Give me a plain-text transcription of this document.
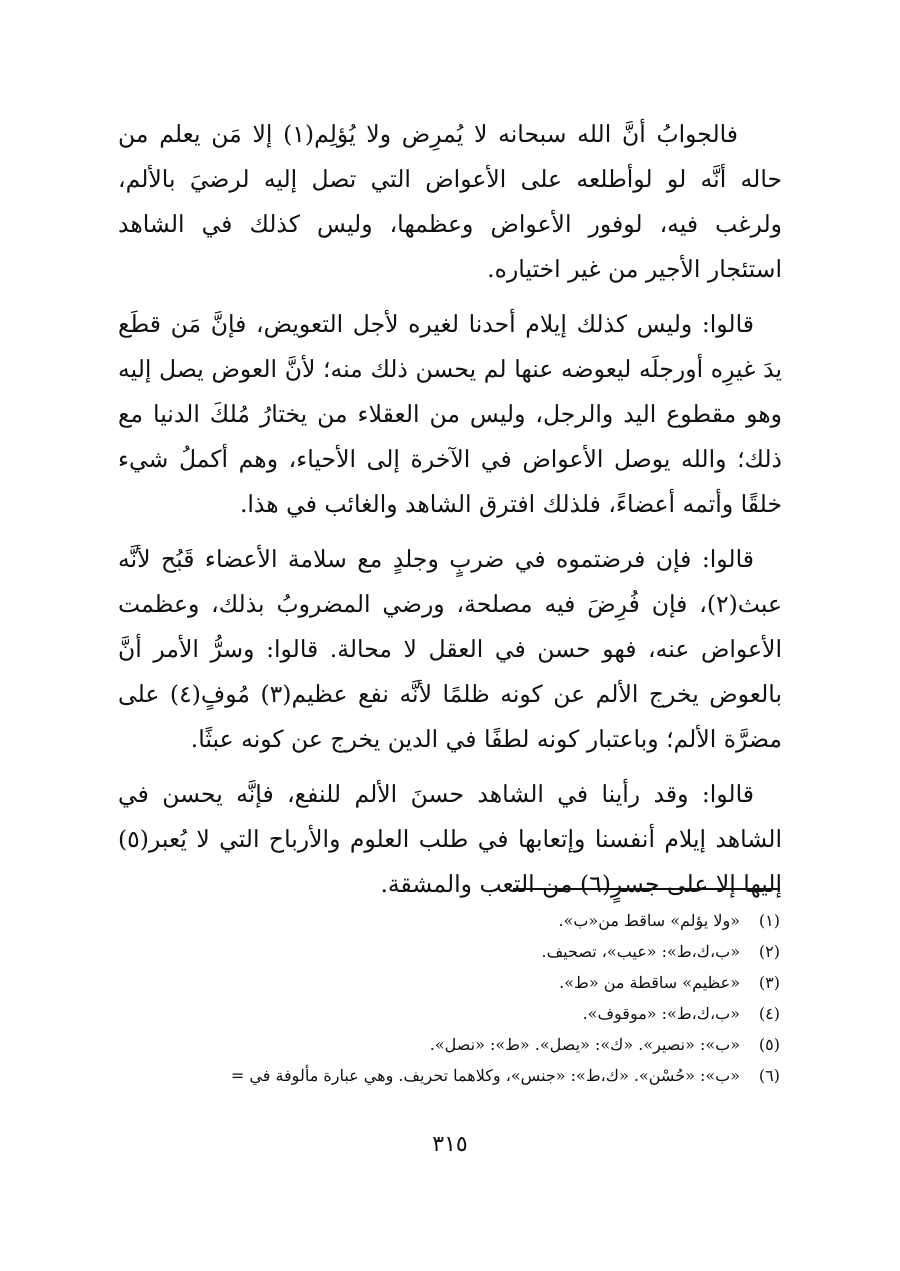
فالجوابُ أنَّ الله سبحانه لا يُمرِض ولا يُؤلِم(١) إلا مَن يعلم من حاله أنَّه لو لوأطلعه على الأعواض التي تصل إليه لرضيَ بالألم، ولرغب فيه، لوفور الأعواض وعظمها، وليس كذلك في الشاهد استئجار الأجير من غير اختياره.

قالوا: وليس كذلك إيلام أحدنا لغيره لأجل التعويض، فإنَّ مَن قطَع يدَ غيرِه أورجلَه ليعوضه عنها لم يحسن ذلك منه؛ لأنَّ العوض يصل إليه وهو مقطوع اليد والرجل، وليس من العقلاء من يختارُ مُلكَ الدنيا مع ذلك؛ والله يوصل الأعواض في الآخرة إلى الأحياء، وهم أكملُ شيء خلقًا وأتمه أعضاءً، فلذلك افترق الشاهد والغائب في هذا.

قالوا: فإن فرضتموه في ضربٍ وجلدٍ مع سلامة الأعضاء قَبُح لأنَّه عبث(٢)، فإن فُرِضَ فيه مصلحة، ورضي المضروبُ بذلك، وعظمت الأعواض عنه، فهو حسن في العقل لا محالة. قالوا: وسرُّ الأمر أنَّ بالعوض يخرج الألم عن كونه ظلمًا لأنَّه نفع عظيم(٣) مُوفٍ(٤) على مضرَّة الألم؛ وباعتبار كونه لطفًا في الدين يخرج عن كونه عبثًا.

قالوا: وقد رأينا في الشاهد حسنَ الألم للنفع، فإنَّه يحسن في الشاهد إيلام أنفسنا وإتعابها في طلب العلوم والأرباح التي لا يُعبر(٥) إليها إلا على جسرٍ(٦) من التعب والمشقة.

(١)«ولا يؤلم» ساقط من«ب».
(٢)«ب،ك،ط»: «عيب»، تصحيف.
(٣)«عظيم» ساقطة من «ط».
(٤)«ب،ك،ط»: «موقوف».
(٥)«ب»: «نصير». «ك»: «يصل». «ط»: «نصل».
(٦)«ب»: «حُسْن». «ك،ط»: «جنس»، وكلاهما تحريف. وهي عبارة مألوفة في =
٣١٥
